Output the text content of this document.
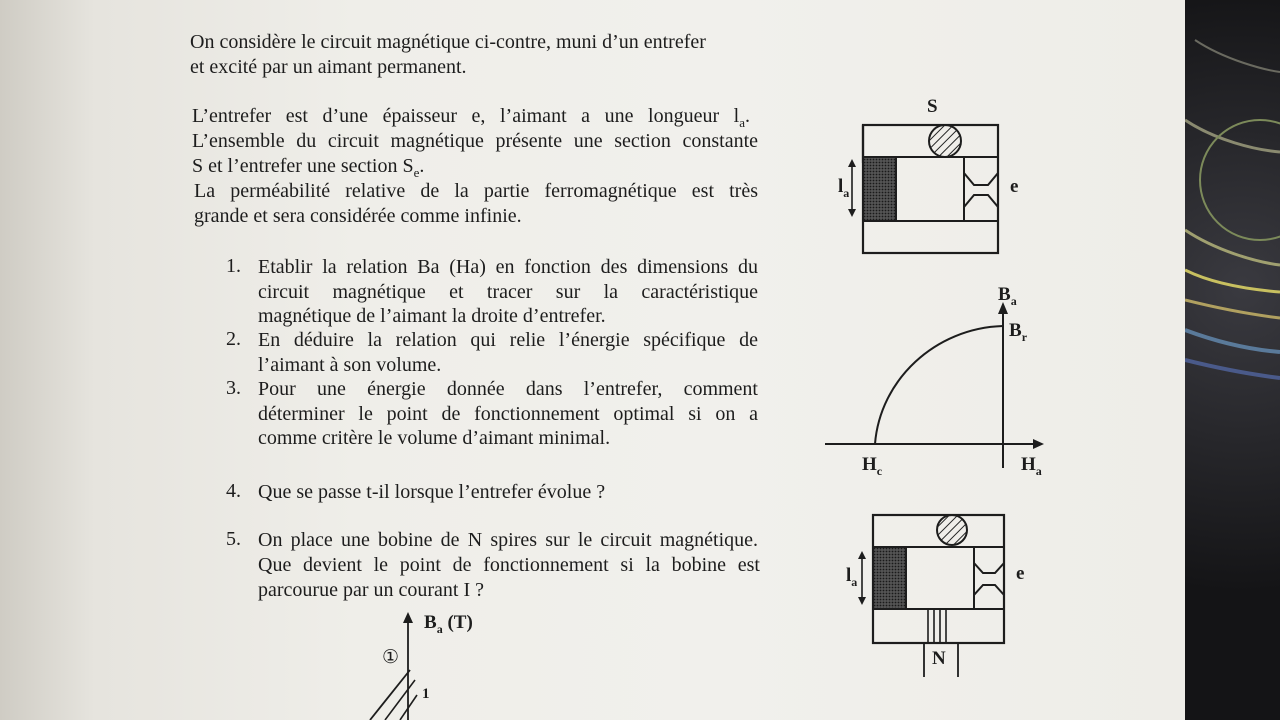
On considère le circuit magnétique ci-contre, muni d’un entrefer

et excité par un aimant permanent.

L’entrefer est d’une épaisseur e, l’aimant a une longueur $l_a$.

L’ensemble du circuit magnétique présente une section constante

S et l’entrefer une section $S_e$.

La perméabilité relative de la partie ferromagnétique est très

grande et sera considérée comme infinie.

1. Etablir la relation Ba (Ha) en fonction des dimensions du

circuit magnétique et tracer sur la caractéristique

magnétique de l’aimant la droite d’entrefer.

2. En déduire la relation qui relie l’énergie spécifique de

l’aimant à son volume.

3. Pour une énergie donnée dans l’entrefer, comment

déterminer le point de fonctionnement optimal si on a

comme critère le volume d’aimant minimal.

4. Que se passe t-il lorsque l’entrefer évolue ?

5. On place une bobine de N spires sur le circuit magnétique.

Que devient le point de fonctionnement si la bobine est

parcourue par un courant I ?

S
$l_a$	e
$B_a$
$B_r$
$H_c$	$H_a$
$l_a$	e
N
$B_a$ (T)
①
1
